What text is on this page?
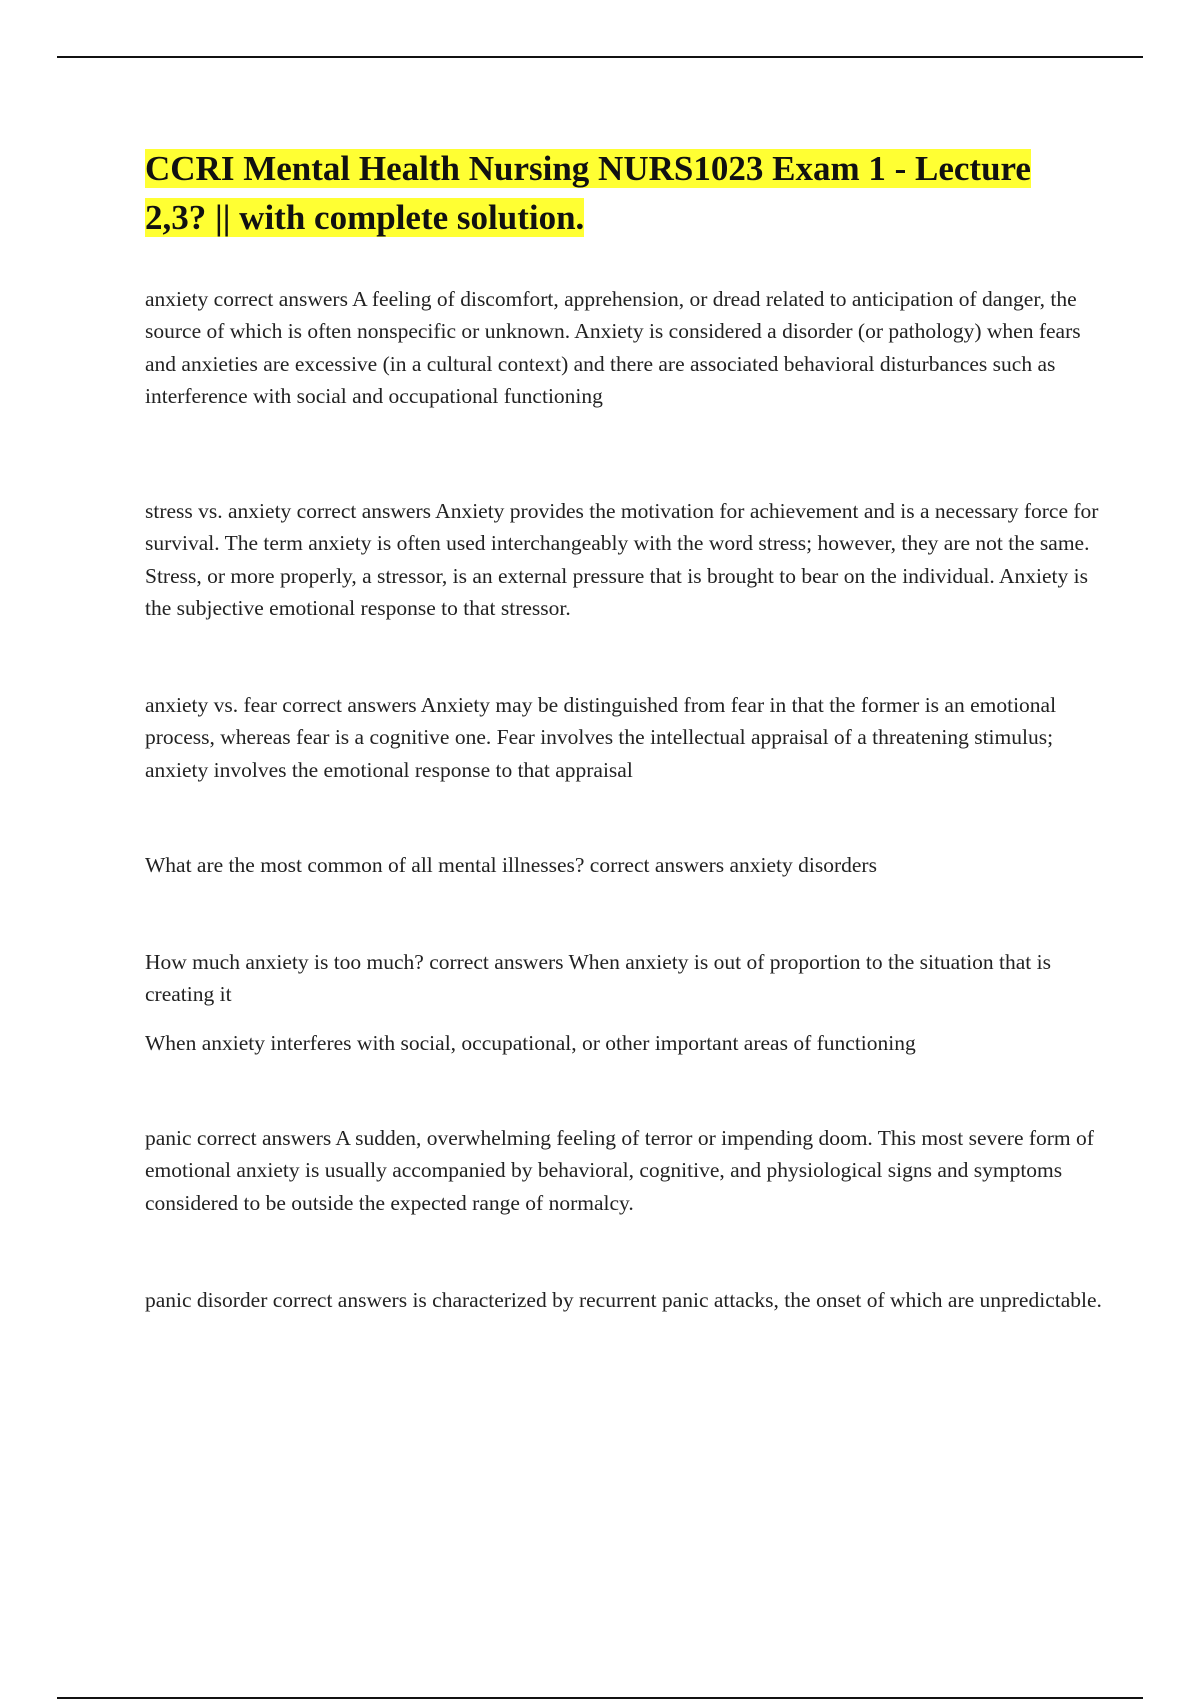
CCRI Mental Health Nursing NURS1023 Exam 1 - Lecture 2,3? || with complete solution.

anxiety correct answers A feeling of discomfort, apprehension, or dread related to anticipation of danger, the source of which is often nonspecific or unknown. Anxiety is considered a disorder (or pathology) when fears and anxieties are excessive (in a cultural context) and there are associated behavioral disturbances such as interference with social and occupational functioning

stress vs. anxiety correct answers Anxiety provides the motivation for achievement and is a necessary force for survival. The term anxiety is often used interchangeably with the word stress; however, they are not the same. Stress, or more properly, a stressor, is an external pressure that is brought to bear on the individual. Anxiety is the subjective emotional response to that stressor.

anxiety vs. fear correct answers Anxiety may be distinguished from fear in that the former is an emotional process, whereas fear is a cognitive one. Fear involves the intellectual appraisal of a threatening stimulus; anxiety involves the emotional response to that appraisal

What are the most common of all mental illnesses? correct answers anxiety disorders

How much anxiety is too much? correct answers When anxiety is out of proportion to the situation that is creating it

When anxiety interferes with social, occupational, or other important areas of functioning

panic correct answers A sudden, overwhelming feeling of terror or impending doom. This most severe form of emotional anxiety is usually accompanied by behavioral, cognitive, and physiological signs and symptoms considered to be outside the expected range of normalcy.

panic disorder correct answers is characterized by recurrent panic attacks, the onset of which are unpredictable.
